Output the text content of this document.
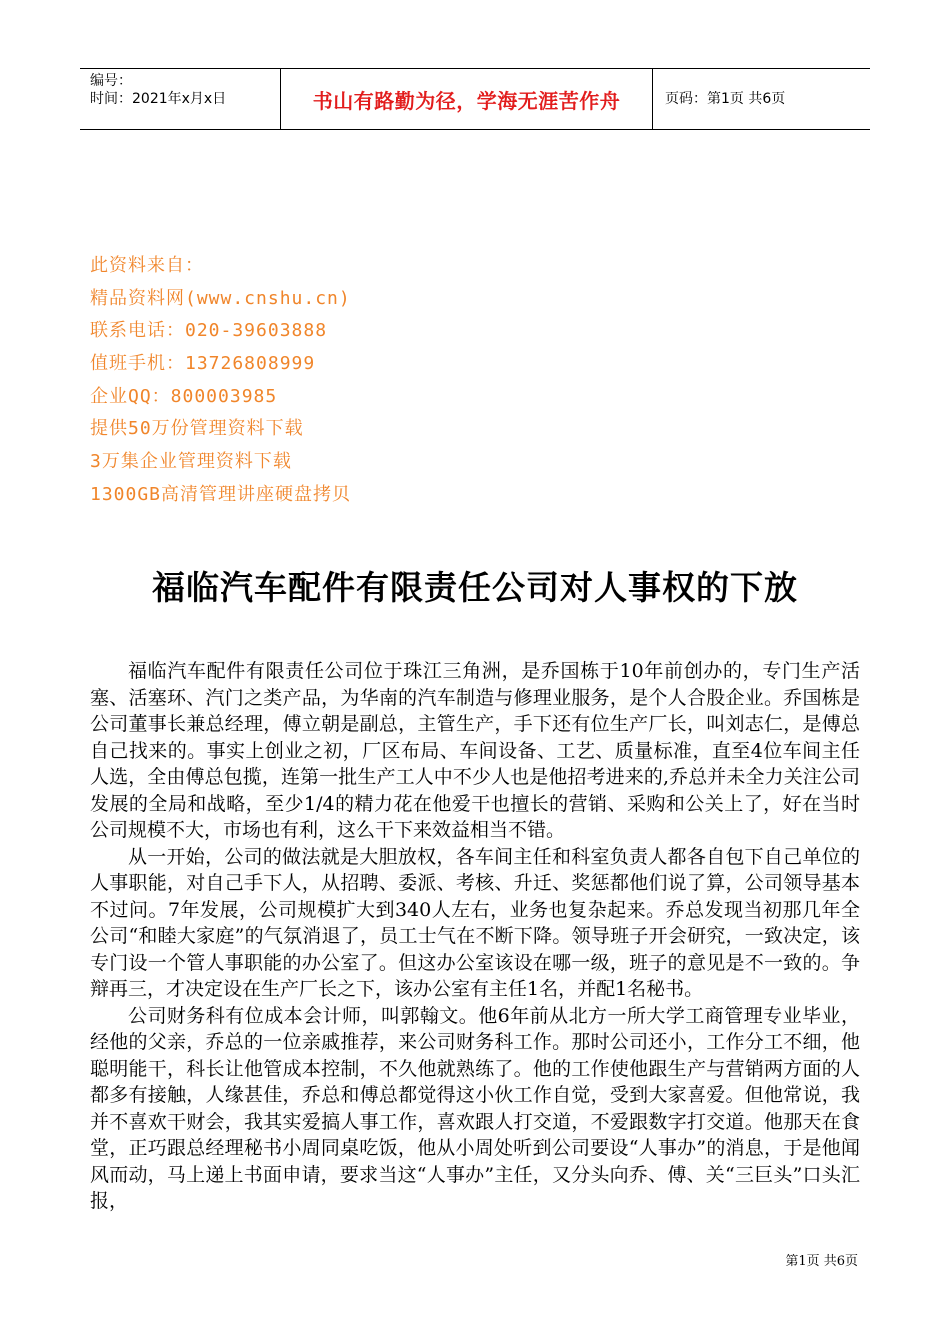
编号：
时间：2021年x月x日	书山有路勤为径，学海无涯苦作舟	页码：第1页 共6页
此资料来自：
精品资料网(www.cnshu.cn)
联系电话：020-39603888
值班手机：13726808999
企业QQ：800003985
提供50万份管理资料下载
3万集企业管理资料下载
1300GB高清管理讲座硬盘拷贝
福临汽车配件有限责任公司对人事权的下放

福临汽车配件有限责任公司位于珠江三角洲，是乔国栋于10年前创办的，专门生产活塞、活塞环、汽门之类产品，为华南的汽车制造与修理业服务，是个人合股企业。乔国栋是公司董事长兼总经理，傅立朝是副总，主管生产，手下还有位生产厂长，叫刘志仁，是傅总自己找来的。事实上创业之初，厂区布局、车间设备、工艺、质量标准，直至4位车间主任人选，全由傅总包揽，连第一批生产工人中不少人也是他招考进来的,乔总并未全力关注公司发展的全局和战略，至少1/4的精力花在他爱干也擅长的营销、采购和公关上了，好在当时公司规模不大，市场也有利，这么干下来效益相当不错。

从一开始，公司的做法就是大胆放权，各车间主任和科室负责人都各自包下自己单位的人事职能，对自己手下人，从招聘、委派、考核、升迁、奖惩都他们说了算，公司领导基本不过问。7年发展，公司规模扩大到340人左右，业务也复杂起来。乔总发现当初那几年全公司“和睦大家庭”的气氛消退了，员工士气在不断下降。领导班子开会研究，一致决定，该专门设一个管人事职能的办公室了。但这办公室该设在哪一级，班子的意见是不一致的。争辩再三，才决定设在生产厂长之下，该办公室有主任1名，并配1名秘书。

公司财务科有位成本会计师，叫郭翰文。他6年前从北方一所大学工商管理专业毕业，经他的父亲，乔总的一位亲戚推荐，来公司财务科工作。那时公司还小，工作分工不细，他聪明能干，科长让他管成本控制，不久他就熟练了。他的工作使他跟生产与营销两方面的人都多有接触，人缘甚佳，乔总和傅总都觉得这小伙工作自觉，受到大家喜爱。但他常说，我并不喜欢干财会，我其实爱搞人事工作，喜欢跟人打交道，不爱跟数字打交道。他那天在食堂，正巧跟总经理秘书小周同桌吃饭，他从小周处听到公司要设“人事办”的消息，于是他闻风而动，马上递上书面申请，要求当这“人事办”主任，又分头向乔、傅、关“三巨头”口头汇报，

第1页 共6页
